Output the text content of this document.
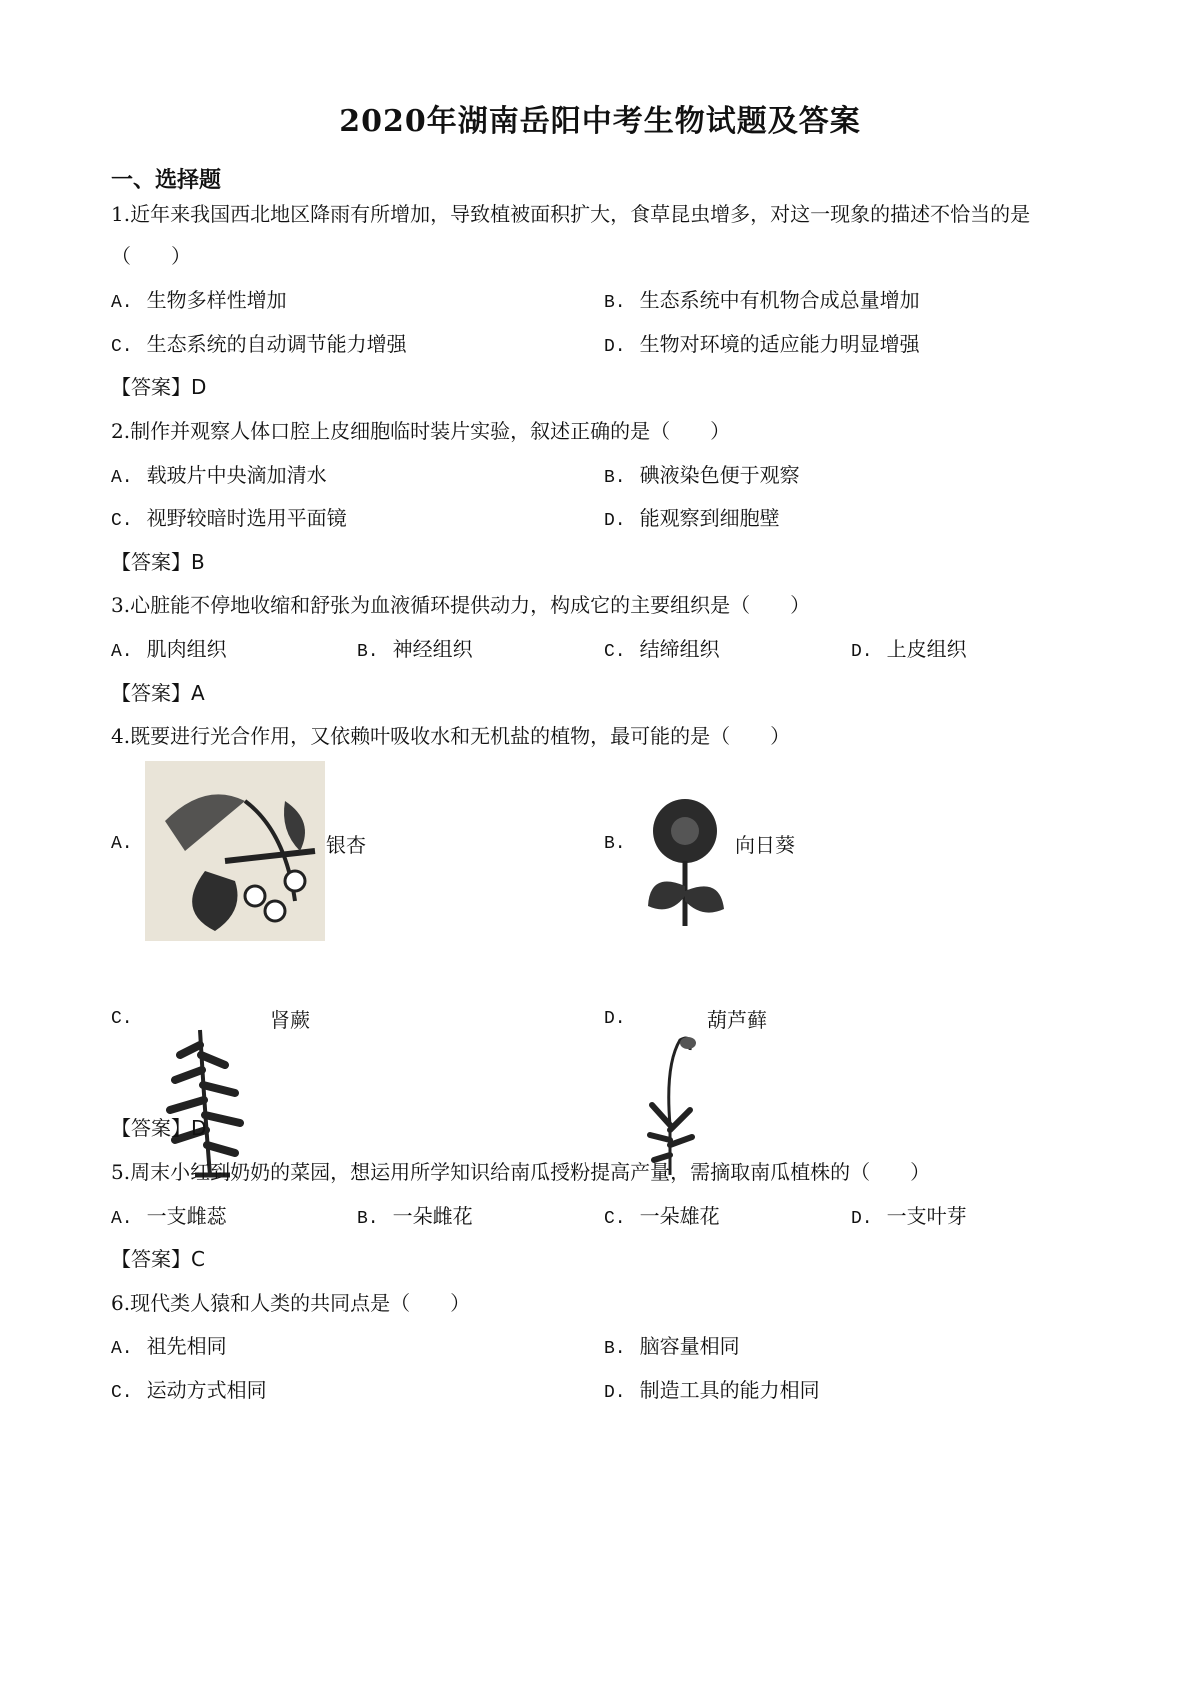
2020年湖南岳阳中考生物试题及答案
一、选择题
1.近年来我国西北地区降雨有所增加，导致植被面积扩大，食草昆虫增多，对这一现象的描述不恰当的是
（　　）
A. 生物多样性增加	B. 生态系统中有机物合成总量增加
C. 生态系统的自动调节能力增强	D. 生物对环境的适应能力明显增强
【答案】D
2.制作并观察人体口腔上皮细胞临时装片实验，叙述正确的是（　　）
A. 载玻片中央滴加清水	B. 碘液染色便于观察
C. 视野较暗时选用平面镜	D. 能观察到细胞壁
【答案】B
3.心脏能不停地收缩和舒张为血液循环提供动力，构成它的主要组织是（　　）
A. 肌肉组织	B. 神经组织	C. 结缔组织	D. 上皮组织
【答案】A
4.既要进行光合作用，又依赖叶吸收水和无机盐的植物，最可能的是（　　）
A.	银杏	B.	向日葵
C.	肾蕨	D.	葫芦藓
【答案】D
5.周末小红到奶奶的菜园，想运用所学知识给南瓜授粉提高产量，需摘取南瓜植株的（　　）
A. 一支雌蕊	B. 一朵雌花	C. 一朵雄花	D. 一支叶芽
【答案】C
6.现代类人猿和人类的共同点是（　　）
A. 祖先相同	B. 脑容量相同
C. 运动方式相同	D. 制造工具的能力相同
